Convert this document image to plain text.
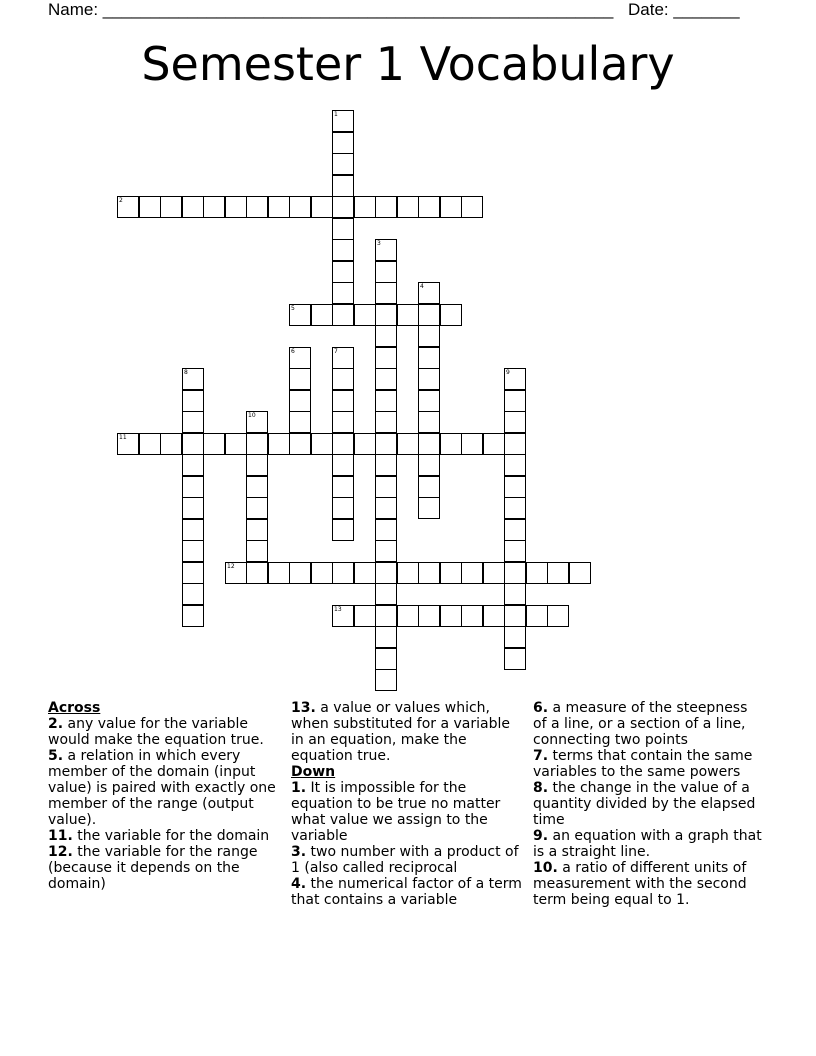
Name: ______________________________________________________ Date: _______
Semester 1 Vocabulary
1
2
3
4
5
6	7
8	9
10
11
12
13
Across

2. any value for the variable would make the equation true.

5. a relation in which every member of the domain (input value) is paired with exactly one member of the range (output value).

11. the variable for the domain

12. the variable for the range (because it depends on the domain)

13. a value or values which, when substituted for a variable in an equation, make the equation true.

Down

1. It is impossible for the equation to be true no matter what value we assign to the variable

3. two number with a product of 1 (also called reciprocal

4. the numerical factor of a term that contains a variable

6. a measure of the steepness of a line, or a section of a line, connecting two points

7. terms that contain the same variables to the same powers

8. the change in the value of a quantity divided by the elapsed time

9. an equation with a graph that is a straight line.

10. a ratio of different units of measurement with the second term being equal to 1.
